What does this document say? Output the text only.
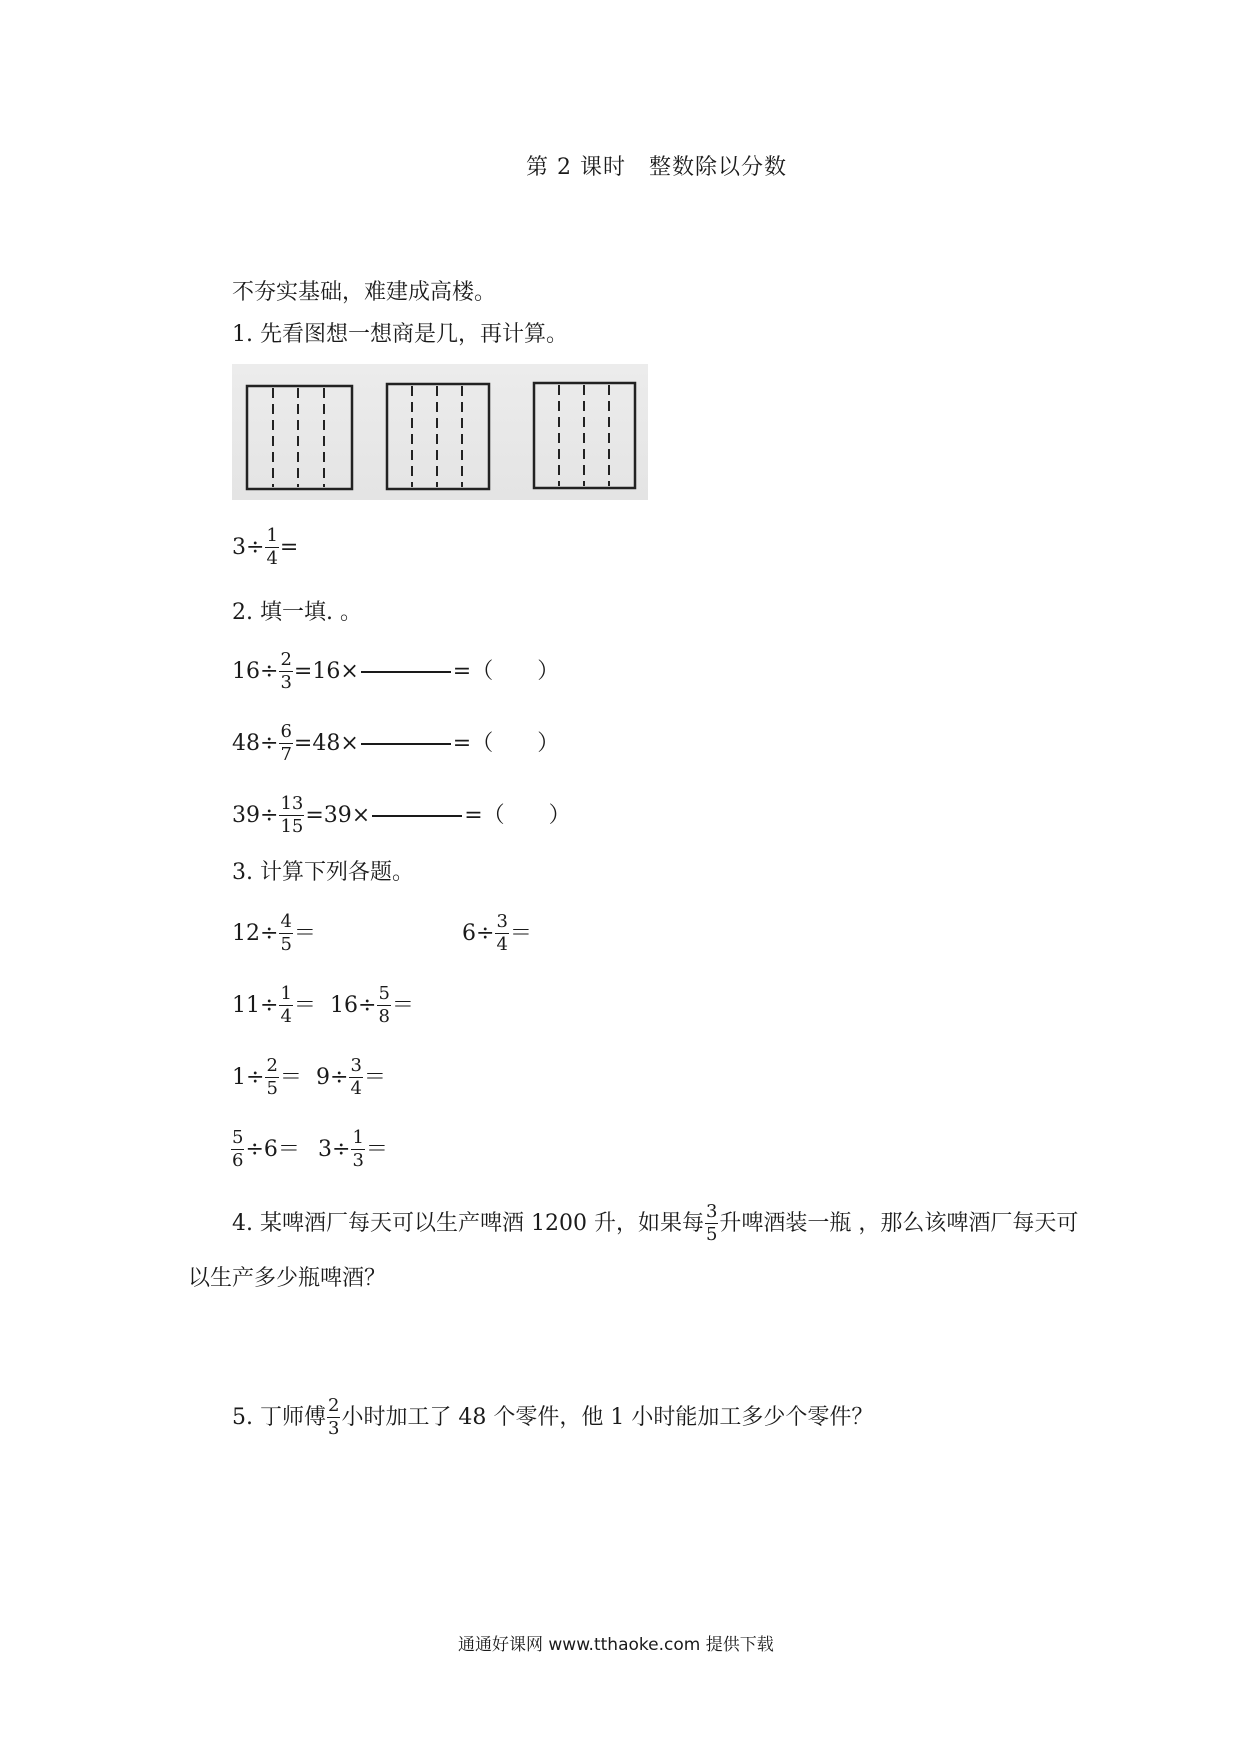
第 2 课时　整数除以分数
不夯实基础，难建成高楼。
1. 先看图想一想商是几，再计算。
$3\div \frac{1}{4}$ =
2. 填一填. 。
$16\div \frac{2}{3} =16\times$	=（　　）
$48\div \frac{6}{7} =48\times$	=（　　）
$39\div \frac{13}{15} =39\times$	=（　　）
3. 计算下列各题。
$12\div \frac{4}{5}$ ＝	$6\div \frac{3}{4}$ ＝
$11\div \frac{1}{4} = 16\div \frac{5}{8}$ ＝
$1\div \frac{2}{5} = 9\div \frac{3}{4}$ ＝
$\frac{5}{6} \div 6= 3\div \frac{1}{3}$ ＝
4. 某啤酒厂每天可以生产啤酒 1200 升，如果每 $\frac{3}{5}$ 升啤酒装一瓶 ，那么该啤酒厂每天可
以生产多少瓶啤酒？
5. 丁师傅 $\frac{2}{3}$ 小时加工了 48 个零件，他 1 小时能加工多少个零件？
通通好课网 www.tthaoke.com 提供下载
